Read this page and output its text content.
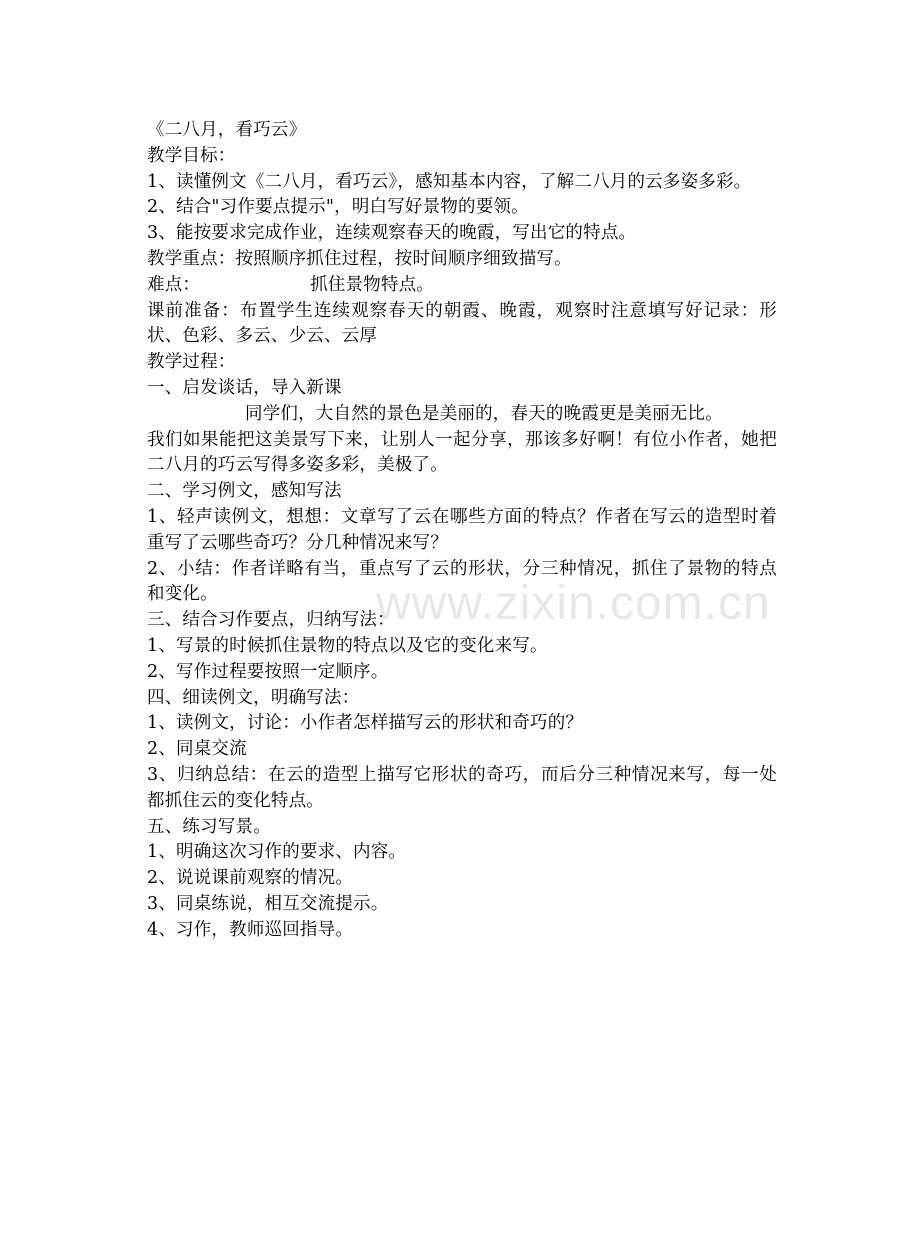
《二八月，看巧云》

教学目标：

1、读懂例文《二八月，看巧云》，感知基本内容，了解二八月的云多姿多彩。

2、结合"习作要点提示"，明白写好景物的要领。

3、能按要求完成作业，连续观察春天的晚霞，写出它的特点。

教学重点：按照顺序抓住过程，按时间顺序细致描写。

难点：	抓住景物特点。

课前准备：布置学生连续观察春天的朝霞、晚霞，观察时注意填写好记录：形状、色彩、多云、少云、云厚

教学过程：

一、启发谈话，导入新课

同学们，大自然的景色是美丽的，春天的晚霞更是美丽无比。

我们如果能把这美景写下来，让别人一起分享，那该多好啊！有位小作者，她把二八月的巧云写得多姿多彩，美极了。

二、学习例文，感知写法

1、轻声读例文，想想：文章写了云在哪些方面的特点？作者在写云的造型时着重写了云哪些奇巧？分几种情况来写？

2、小结：作者详略有当，重点写了云的形状，分三种情况，抓住了景物的特点和变化。

三、结合习作要点，归纳写法：

1、写景的时候抓住景物的特点以及它的变化来写。

2、写作过程要按照一定顺序。

四、细读例文，明确写法：

1、读例文，讨论：小作者怎样描写云的形状和奇巧的？

2、同桌交流

3、归纳总结：在云的造型上描写它形状的奇巧，而后分三种情况来写，每一处都抓住云的变化特点。

五、练习写景。

1、明确这次习作的要求、内容。

2、说说课前观察的情况。

3、同桌练说，相互交流提示。

4、习作，教师巡回指导。

www.zixin.com.cn
